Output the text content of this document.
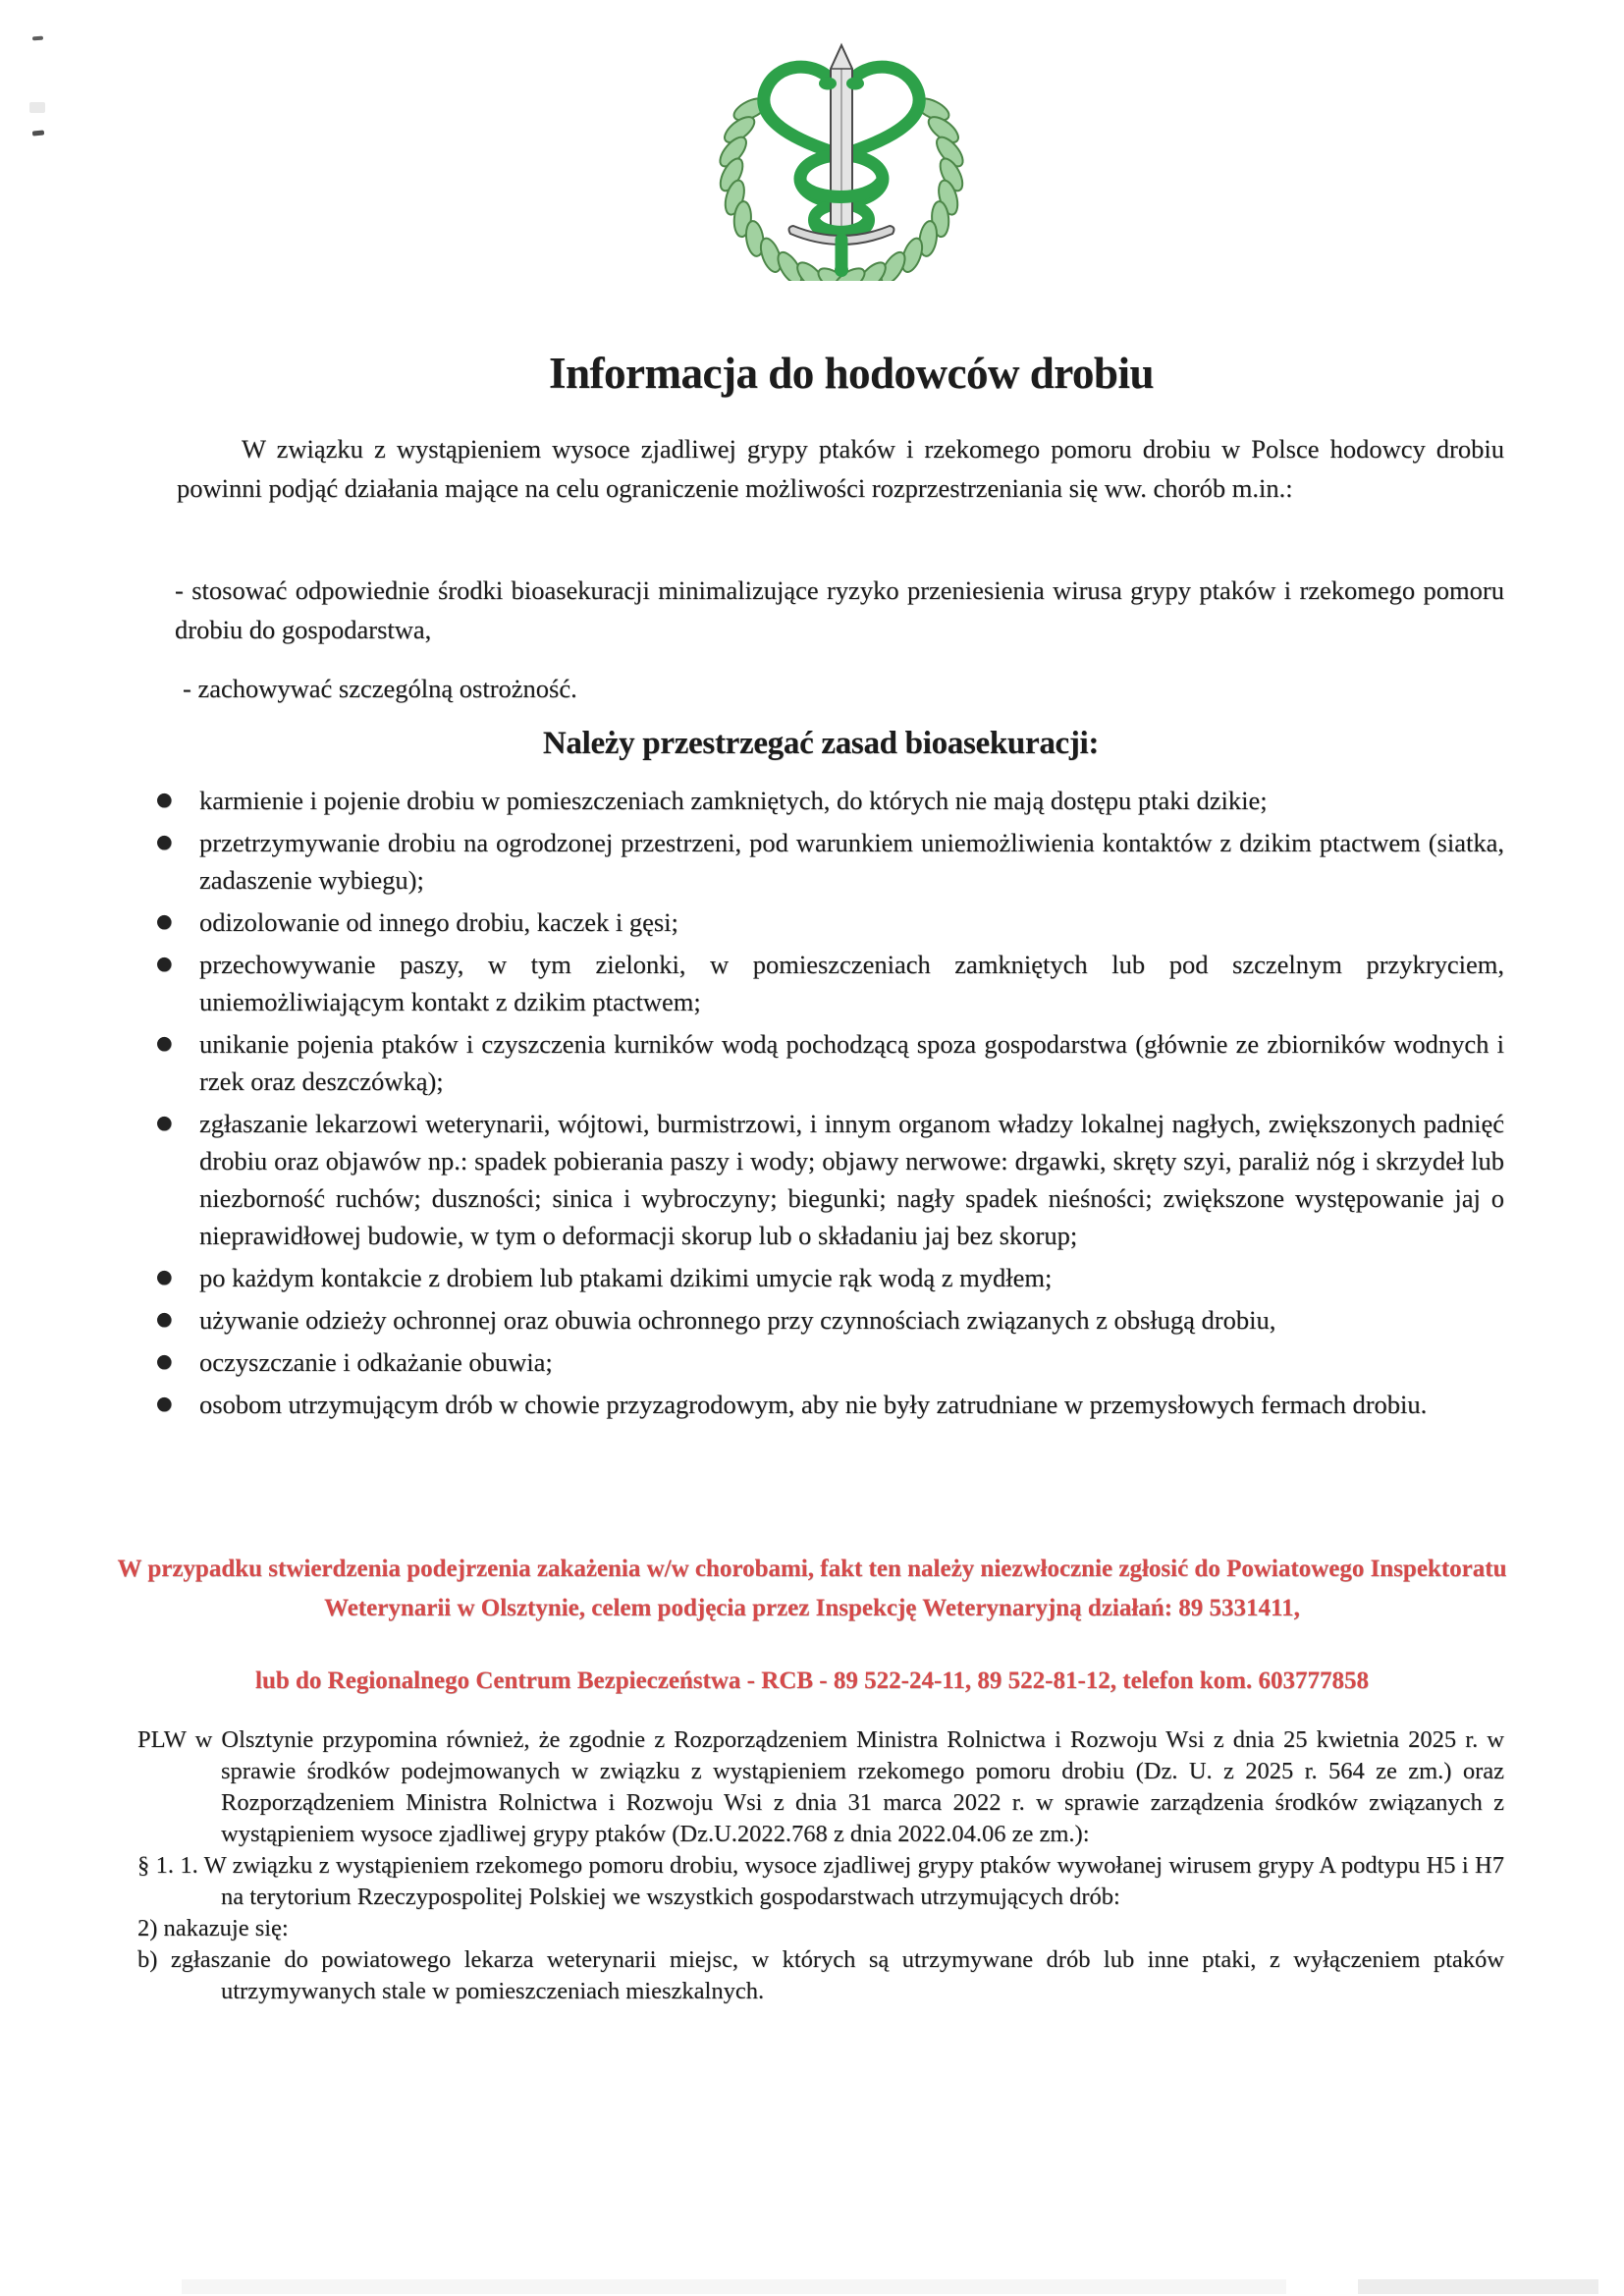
Informacja do hodowców drobiu
W związku z wystąpieniem wysoce zjadliwej grypy ptaków i rzekomego pomoru drobiu w Polsce hodowcy drobiu powinni podjąć działania mające na celu ograniczenie możliwości rozprzestrzeniania się ww. chorób m.in.:
- stosować odpowiednie środki bioasekuracji minimalizujące ryzyko przeniesienia wirusa grypy ptaków i rzekomego pomoru drobiu do gospodarstwa,
- zachowywać szczególną ostrożność.
Należy przestrzegać zasad bioasekuracji:
● karmienie i pojenie drobiu w pomieszczeniach zamkniętych, do których nie mają dostępu ptaki dzikie;
● przetrzymywanie drobiu na ogrodzonej przestrzeni, pod warunkiem uniemożliwienia kontaktów z dzikim ptactwem (siatka, zadaszenie wybiegu);
● odizolowanie od innego drobiu, kaczek i gęsi;
● przechowywanie paszy, w tym zielonki, w pomieszczeniach zamkniętych lub pod szczelnym przykryciem, uniemożliwiającym kontakt z dzikim ptactwem;
● unikanie pojenia ptaków i czyszczenia kurników wodą pochodzącą spoza gospodarstwa (głównie ze zbiorników wodnych i rzek oraz deszczówką);
● zgłaszanie lekarzowi weterynarii, wójtowi, burmistrzowi, i innym organom władzy lokalnej nagłych, zwiększonych padnięć drobiu oraz objawów np.: spadek pobierania paszy i wody; objawy nerwowe: drgawki, skręty szyi, paraliż nóg i skrzydeł lub niezborność ruchów; duszności; sinica i wybroczyny; biegunki; nagły spadek nieśności; zwiększone występowanie jaj o nieprawidłowej budowie, w tym o deformacji skorup lub o składaniu jaj bez skorup;
● po każdym kontakcie z drobiem lub ptakami dzikimi umycie rąk wodą z mydłem;
● używanie odzieży ochronnej oraz obuwia ochronnego przy czynnościach związanych z obsługą drobiu,
● oczyszczanie i odkażanie obuwia;
● osobom utrzymującym drób w chowie przyzagrodowym, aby nie były zatrudniane w przemysłowych fermach drobiu.
W przypadku stwierdzenia podejrzenia zakażenia w/w chorobami, fakt ten należy niezwłocznie zgłosić do Powiatowego Inspektoratu Weterynarii w Olsztynie, celem podjęcia przez Inspekcję Weterynaryjną działań: 89 5331411,
lub do Regionalnego Centrum Bezpieczeństwa - RCB - 89 522-24-11, 89 522-81-12, telefon kom. 603777858

PLW w Olsztynie przypomina również, że zgodnie z Rozporządzeniem Ministra Rolnictwa i Rozwoju Wsi z dnia 25 kwietnia 2025 r. w sprawie środków podejmowanych w związku z wystąpieniem rzekomego pomoru drobiu (Dz. U. z 2025 r. 564 ze zm.) oraz Rozporządzeniem Ministra Rolnictwa i Rozwoju Wsi z dnia 31 marca 2022 r. w sprawie zarządzenia środków związanych z wystąpieniem wysoce zjadliwej grypy ptaków (Dz.U.2022.768 z dnia 2022.04.06 ze zm.):

§ 1. 1. W związku z wystąpieniem rzekomego pomoru drobiu, wysoce zjadliwej grypy ptaków wywołanej wirusem grypy A podtypu H5 i H7 na terytorium Rzeczypospolitej Polskiej we wszystkich gospodarstwach utrzymujących drób:

2) nakazuje się:

b) zgłaszanie do powiatowego lekarza weterynarii miejsc, w których są utrzymywane drób lub inne ptaki, z wyłączeniem ptaków utrzymywanych stale w pomieszczeniach mieszkalnych.
